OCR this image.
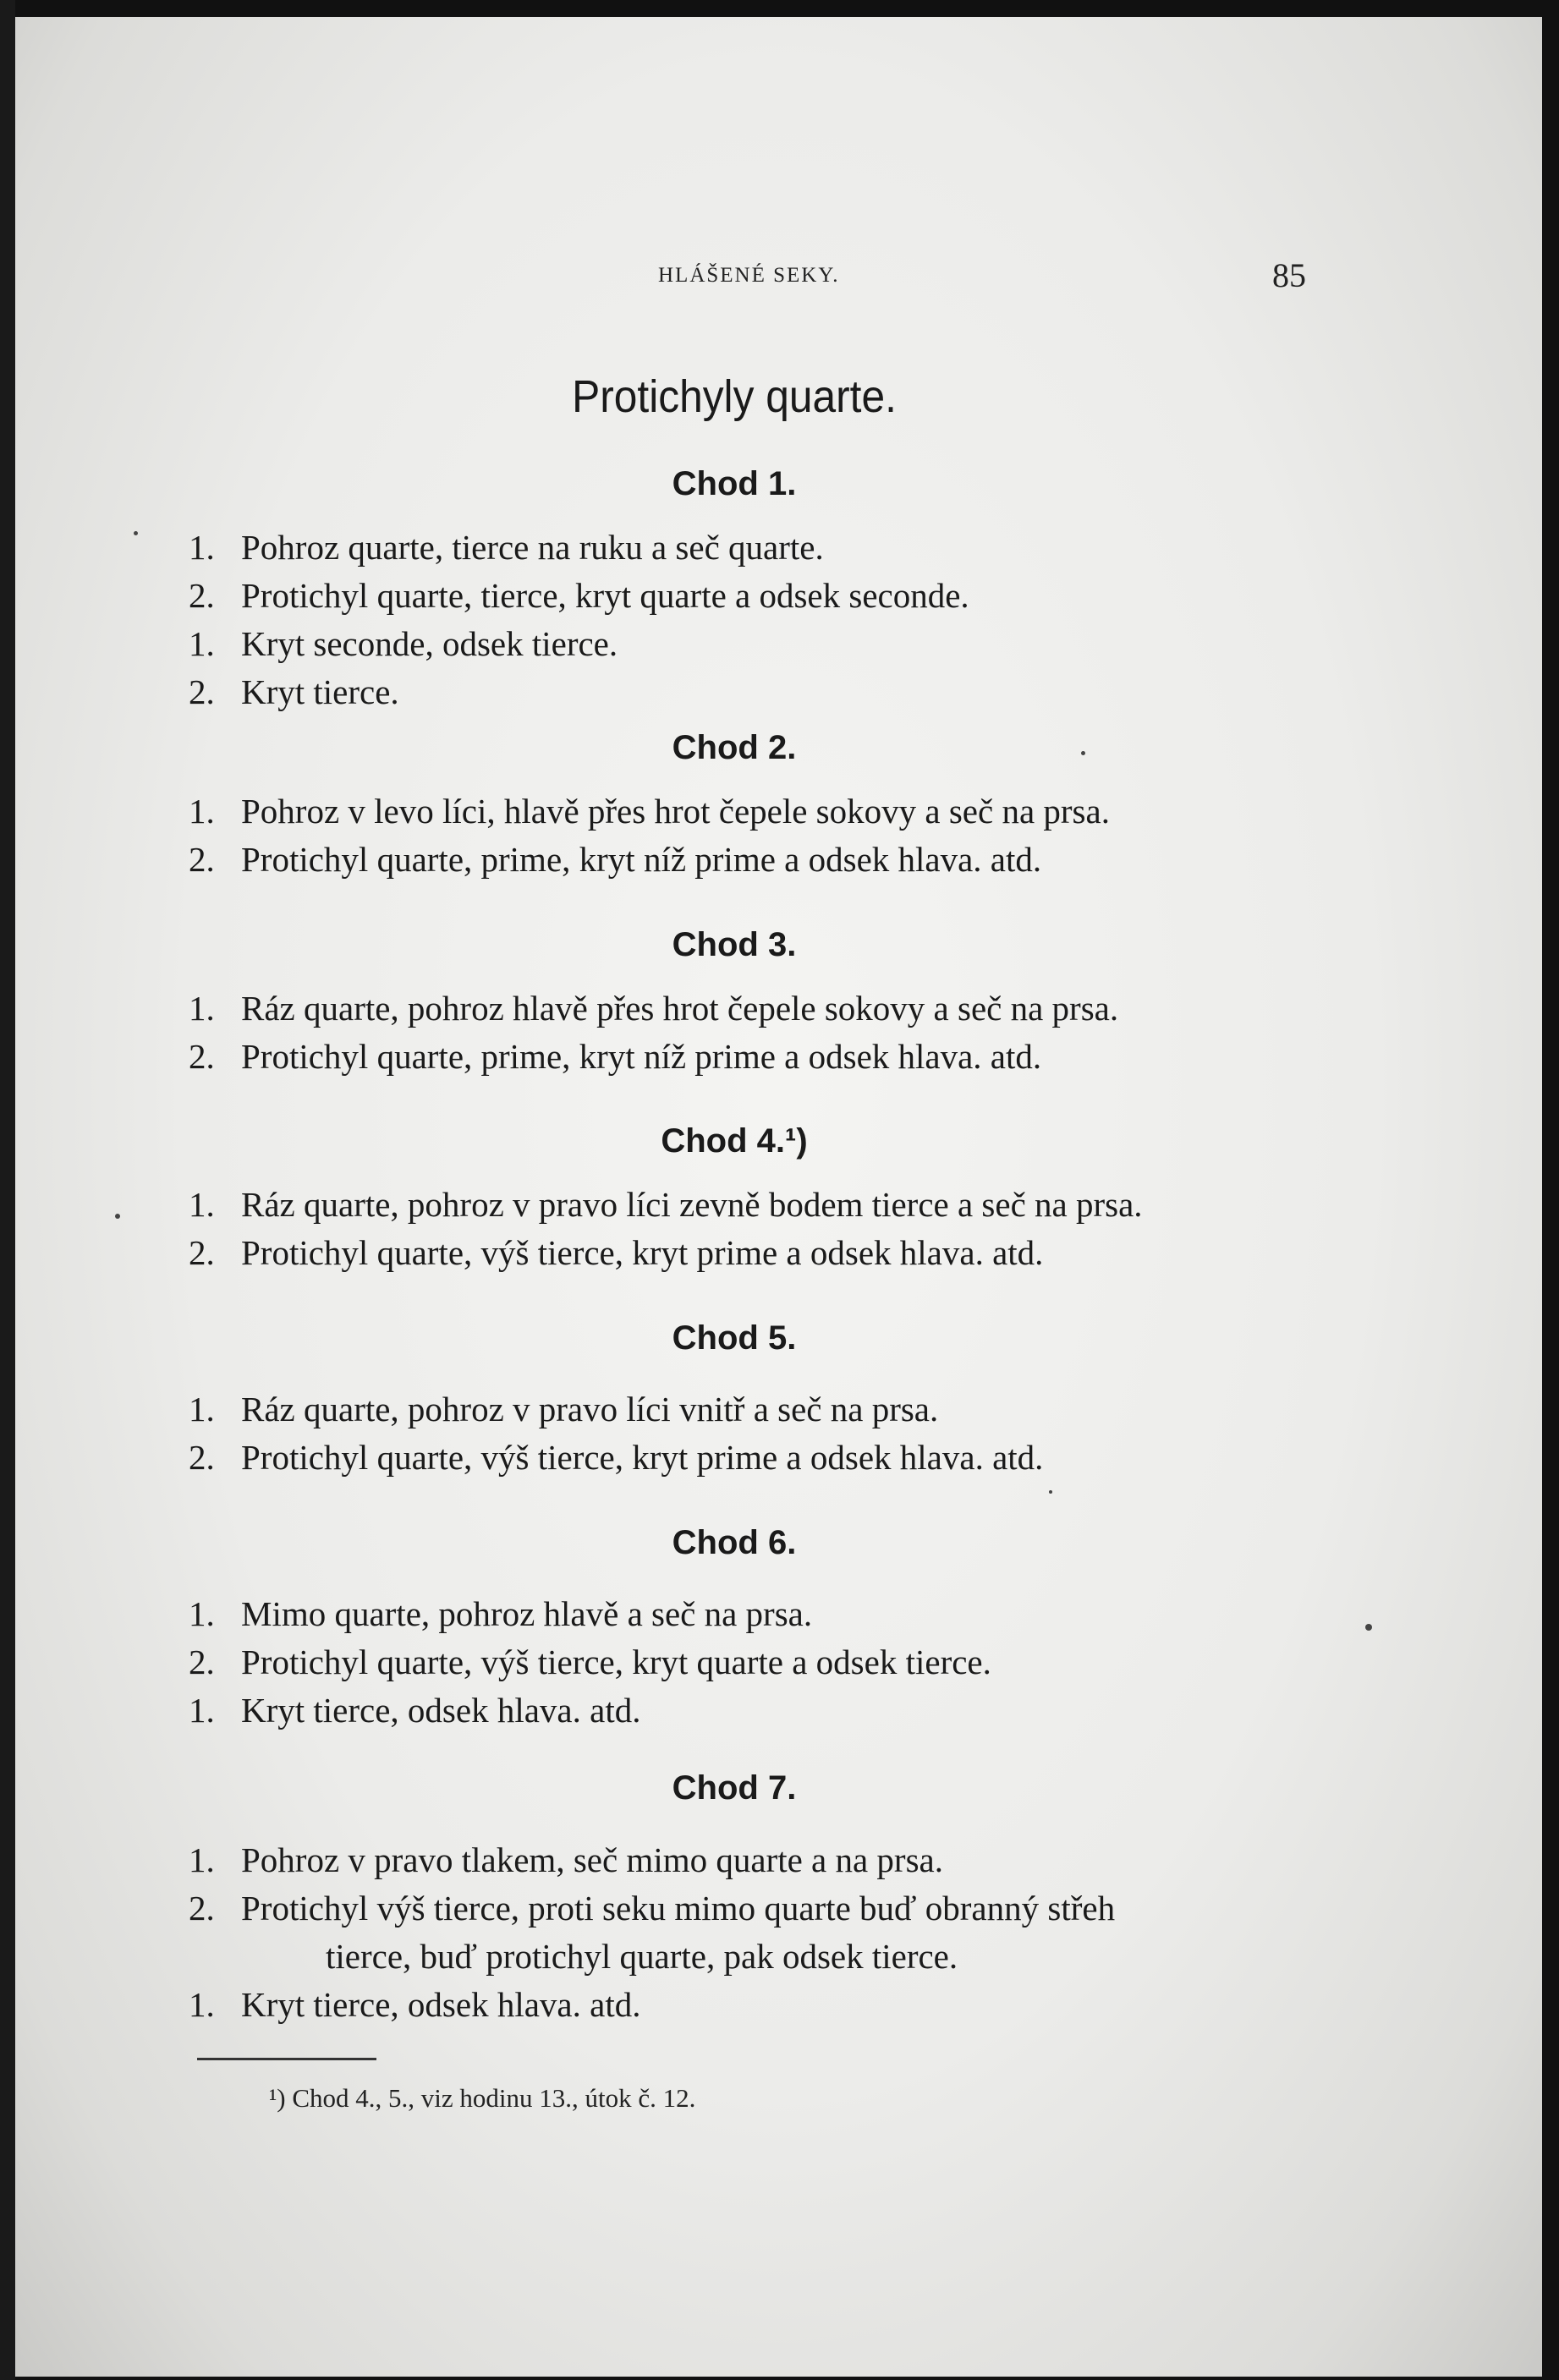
HLÁŠENÉ SEKY.	85
Protichyly quarte.
Chod 1.
1. Pohroz quarte, tierce na ruku a seč quarte.
2. Protichyl quarte, tierce, kryt quarte a odsek seconde.
1. Kryt seconde, odsek tierce.
2. Kryt tierce.
Chod 2.
1. Pohroz v levo líci, hlavě přes hrot čepele sokovy a seč na prsa.
2. Protichyl quarte, prime, kryt níž prime a odsek hlava. atd.
Chod 3.
1. Ráz quarte, pohroz hlavě přes hrot čepele sokovy a seč na prsa.
2. Protichyl quarte, prime, kryt níž prime a odsek hlava. atd.
Chod 4.¹)
1. Ráz quarte, pohroz v pravo líci zevně bodem tierce a seč na prsa.
2. Protichyl quarte, výš tierce, kryt prime a odsek hlava. atd.
Chod 5.
1. Ráz quarte, pohroz v pravo líci vnitř a seč na prsa.
2. Protichyl quarte, výš tierce, kryt prime a odsek hlava. atd.
Chod 6.
1. Mimo quarte, pohroz hlavě a seč na prsa.
2. Protichyl quarte, výš tierce, kryt quarte a odsek tierce.
1. Kryt tierce, odsek hlava. atd.
Chod 7.
1. Pohroz v pravo tlakem, seč mimo quarte a na prsa.
2. Protichyl výš tierce, proti seku mimo quarte buď obranný střeh
tierce, buď protichyl quarte, pak odsek tierce.
1. Kryt tierce, odsek hlava. atd.
¹) Chod 4., 5., viz hodinu 13., útok č. 12.
